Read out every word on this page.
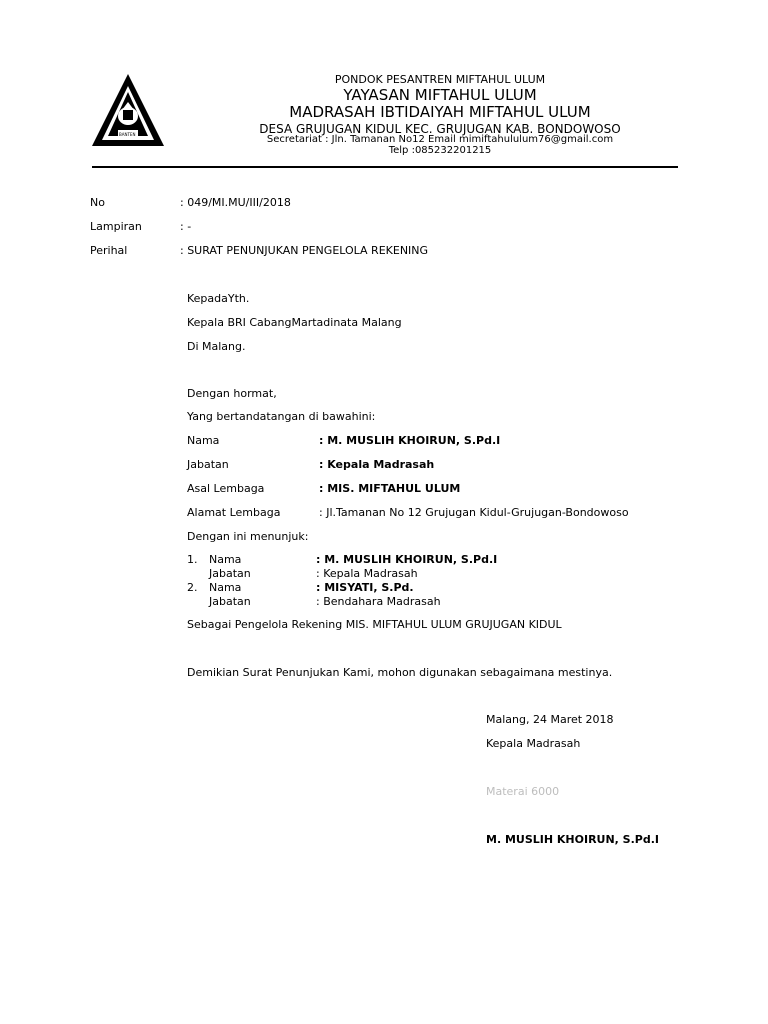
BANTEN
PONDOK PESANTREN MIFTAHUL ULUM
YAYASAN MIFTAHUL ULUM
MADRASAH IBTIDAIYAH MIFTAHUL ULUM
DESA GRUJUGAN KIDUL KEC. GRUJUGAN KAB. BONDOWOSO
Secretariat : Jln. Tamanan No12 Email mimiftahululum76@gmail.com
Telp :085232201215
No	: 049/MI.MU/III/2018
Lampiran	: -
Perihal	: SURAT PENUNJUKAN PENGELOLA REKENING
KepadaYth.
Kepala BRI CabangMartadinata Malang
Di Malang.
Dengan hormat,
Yang bertandatangan di bawahini:
Nama	: M. MUSLIH KHOIRUN, S.Pd.I
Jabatan	: Kepala Madrasah
Asal Lembaga	: MIS. MIFTAHUL ULUM
Alamat Lembaga	: Jl.Tamanan No 12 Grujugan Kidul-Grujugan-Bondowoso
Dengan ini menunjuk:
1. Nama	: M. MUSLIH KHOIRUN, S.Pd.I
Jabatan	: Kepala Madrasah
2. Nama	: MISYATI, S.Pd.
Jabatan	: Bendahara Madrasah
Sebagai Pengelola Rekening MIS. MIFTAHUL ULUM GRUJUGAN KIDUL
Demikian Surat Penunjukan Kami, mohon digunakan sebagaimana mestinya.
Malang, 24 Maret 2018
Kepala Madrasah
Materai 6000
M. MUSLIH KHOIRUN, S.Pd.I
